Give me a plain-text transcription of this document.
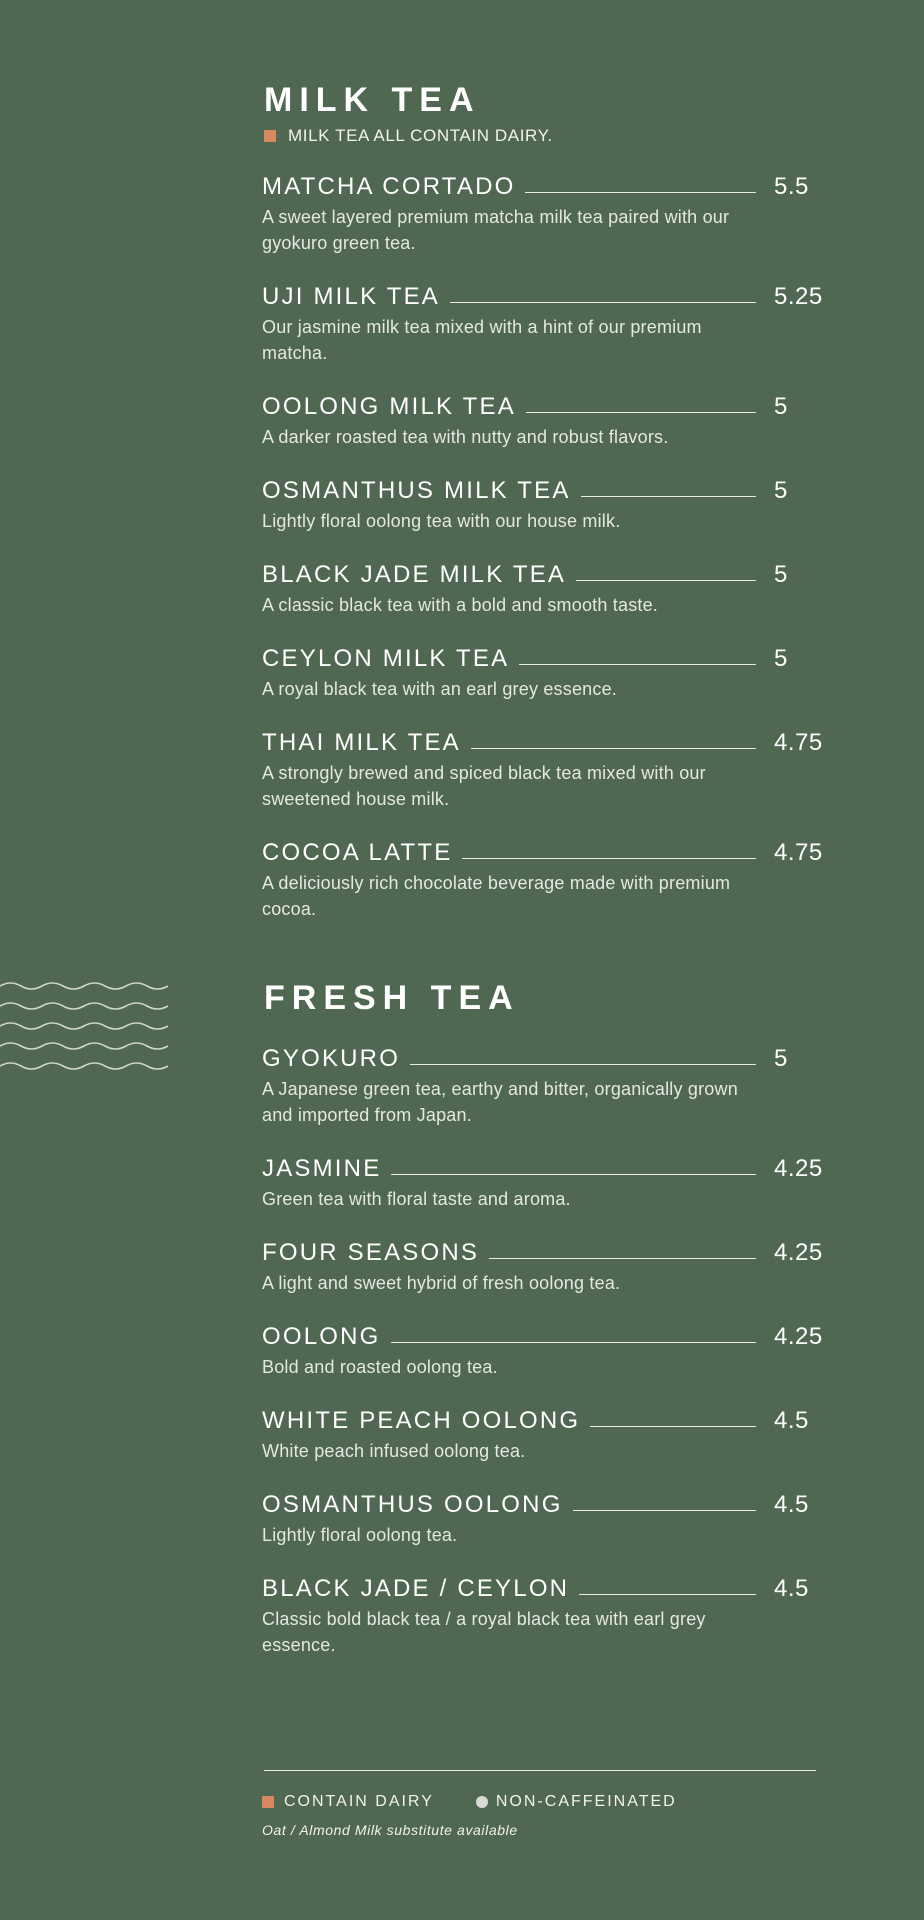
MILK TEA
MILK TEA ALL CONTAIN DAIRY.
MATCHA CORTADO	5.5
A sweet layered premium matcha milk tea paired with our gyokuro green tea.
UJI MILK TEA	5.25
Our jasmine milk tea mixed with a hint of our premium matcha.
OOLONG MILK TEA	5
A darker roasted tea with nutty and robust flavors.
OSMANTHUS MILK TEA	5
Lightly floral oolong tea with our house milk.
BLACK JADE MILK TEA	5
A classic black tea with a bold and smooth taste.
CEYLON MILK TEA	5
A royal black tea with an earl grey essence.
THAI MILK TEA	4.75
A strongly brewed and spiced black tea mixed with our sweetened house milk.
COCOA LATTE	4.75
A deliciously rich chocolate beverage made with premium cocoa.
FRESH TEA
GYOKURO	5
A Japanese green tea, earthy and bitter, organically grown and imported from Japan.
JASMINE	4.25
Green tea with floral taste and aroma.
FOUR SEASONS	4.25
A light and sweet hybrid of fresh oolong tea.
OOLONG	4.25
Bold and roasted oolong tea.
WHITE PEACH OOLONG	4.5
White peach infused oolong tea.
OSMANTHUS OOLONG	4.5
Lightly floral oolong tea.
BLACK JADE / CEYLON	4.5
Classic bold black tea / a royal black tea with earl grey essence.
CONTAIN DAIRY	NON-CAFFEINATED
Oat / Almond Milk substitute available
